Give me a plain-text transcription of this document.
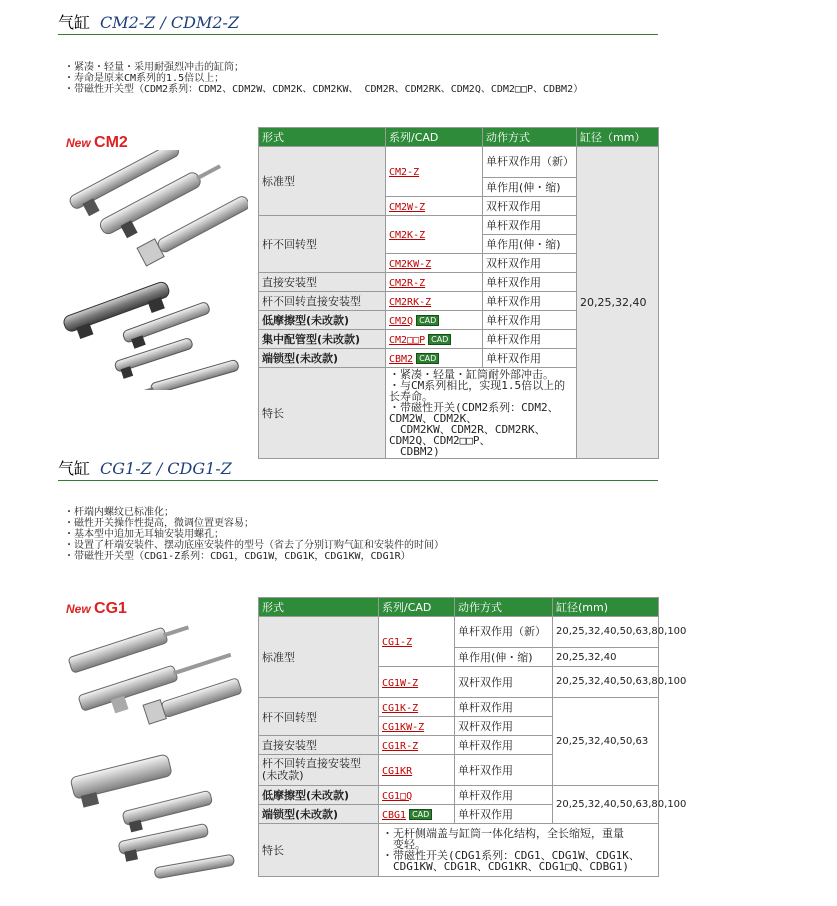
气缸 CM2-Z / CDM2-Z
・紧凑・轻量・采用耐强烈冲击的缸筒；
・寿命是原来CM系列的1.5倍以上；
・带磁性开关型（CDM2系列：CDM2、CDM2W、CDM2K、CDM2KW、 CDM2R、CDM2RK、CDM2Q、CDM2□□P、CDBM2）
New CM2	形式	系列/CAD	动作方式	缸径（mm）
标准型	CM2-Z	单杆双作用（新）	20,25,32,40
		单作用(伸・缩)	
	CM2W-Z	双杆双作用	
杆不回转型	CM2K-Z	单杆双作用	
		单作用(伸・缩)	
	CM2KW-Z	双杆双作用	
直接安装型	CM2R-Z	单杆双作用	
杆不回转直接安装型	CM2RK-Z	单杆双作用	
低摩擦型(未改款)	CM2Q CAD	单杆双作用	
集中配管型(未改款)	CM2□□P CAD	单杆双作用	
端锁型(未改款)	CBM2 CAD	单杆双作用	
特长	・紧凑・轻量・缸筒耐外部冲击。
・与CM系列相比，实现1.5倍以上的长寿命。
・带磁性开关(CDM2系列：CDM2、CDM2W、CDM2K、
　CDM2KW、CDM2R、CDM2RK、CDM2Q、CDM2□□P、
　CDBM2)		
气缸 CG1-Z / CDG1-Z
・杆端内螺纹已标准化；
・磁性开关操作性提高，微调位置更容易；
・基本型中追加无耳轴安装用螺孔；
・设置了杆端安装件、摆动底座安装件的型号（省去了分别订购气缸和安装件的时间）
・带磁性开关型（CDG1-Z系列：CDG1，CDG1W，CDG1K，CDG1KW，CDG1R）
New CG1	形式	系列/CAD	动作方式	缸径(mm)
标准型	CG1-Z	单杆双作用（新）	20,25,32,40,50,63,80,100
		单作用(伸・缩)	20,25,32,40
	CG1W-Z	双杆双作用	20,25,32,40,50,63,80,100
杆不回转型	CG1K-Z	单杆双作用	20,25,32,40,50,63
	CG1KW-Z	双杆双作用	
直接安装型	CG1R-Z	单杆双作用	
杆不回转直接安装型(未改款)	CG1KR	单杆双作用	
低摩擦型(未改款)	CG1□Q	单杆双作用	20,25,32,40,50,63,80,100
端锁型(未改款)	CBG1 CAD	单杆双作用	
特长	・无杆侧端盖与缸筒一体化结构，全长缩短，重量
　变轻。
・带磁性开关(CDG1系列：CDG1、CDG1W、CDG1K、
　CDG1KW、CDG1R、CDG1KR、CDG1□Q、CDBG1)		
